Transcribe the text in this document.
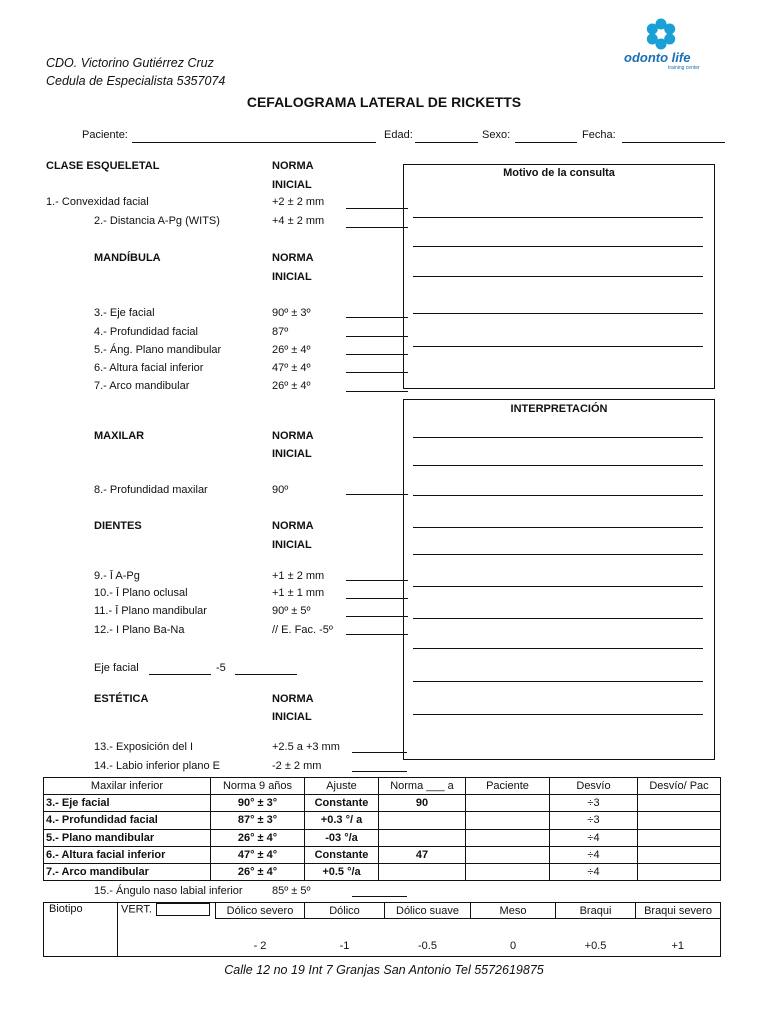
CDO. Victorino Gutiérrez Cruz
Cedula de Especialista 5357074
odonto life
training center
CEFALOGRAMA LATERAL DE RICKETTS
Paciente:	Edad:	Sexo:	Fecha:
CLASE ESQUELETAL	NORMA
INICIAL
1.- Convexidad facial	+2 ± 2 mm
2.- Distancia A-Pg (WITS)	+4 ± 2 mm
MANDÍBULA	NORMA
INICIAL
3.- Eje facial	90º ± 3º
4.- Profundidad facial	87º
5.- Áng. Plano mandibular	26º ± 4º
6.- Altura facial inferior	47º ± 4º
7.- Arco mandibular	26º ± 4º
MAXILAR	NORMA
INICIAL
8.- Profundidad maxilar	90º
DIENTES	NORMA
INICIAL
9.- Ī A-Pg	+1 ± 2 mm
10.- Ī Plano oclusal	+1 ± 1 mm
11.- Ī Plano mandibular	90º ± 5º
12.- I Plano Ba-Na	// E. Fac. -5º
Eje facial	-5
ESTÉTICA	NORMA
INICIAL
13.- Exposición del I	+2.5 a +3 mm
14.- Labio inferior plano E	-2 ± 2 mm
Motivo de la consulta
INTERPRETACIÓN
Maxilar inferior	Norma 9 años	Ajuste	Norma ___ a	Paciente	Desvío	Desvío/ Pac
3.- Eje facial	90° ± 3°	Constante	90		÷3	
4.- Profundidad facial	87° ± 3°	+0.3 °/ a			÷3	
5.- Plano mandibular	26° ± 4°	-03 °/a			÷4	
6.- Altura facial inferior	47° ± 4°	Constante	47		÷4	
7.- Arco mandibular	26° ± 4°	+0.5 °/a			÷4	
15.- Ángulo naso labial inferior	85º ± 5º
Biotipo	VERT.	Dólico severo	Dólico	Dólico suave	Meso	Braqui	Braqui severo
		- 2	-1	-0.5	0	+0.5	+1
Calle 12 no 19 Int 7 Granjas San Antonio Tel 5572619875
